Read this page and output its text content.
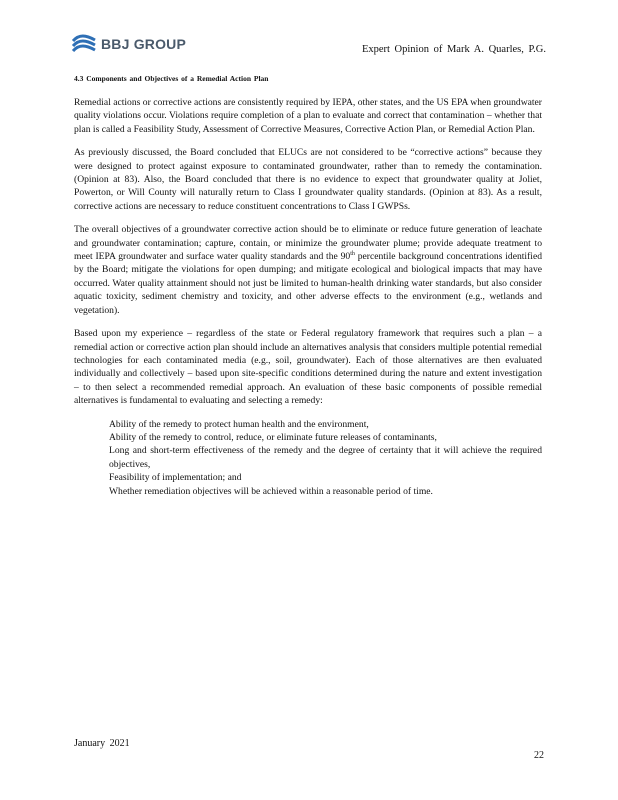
BBJ GROUP	Expert Opinion of Mark A. Quarles, P.G.
4.3 Components and Objectives of a Remedial Action Plan

Remedial actions or corrective actions are consistently required by IEPA, other states, and the US EPA when groundwater quality violations occur. Violations require completion of a plan to evaluate and correct that contamination – whether that plan is called a Feasibility Study, Assessment of Corrective Measures, Corrective Action Plan, or Remedial Action Plan.

As previously discussed, the Board concluded that ELUCs are not considered to be “corrective actions” because they were designed to protect against exposure to contaminated groundwater, rather than to remedy the contamination. (Opinion at 83). Also, the Board concluded that there is no evidence to expect that groundwater quality at Joliet, Powerton, or Will County will naturally return to Class I groundwater quality standards. (Opinion at 83). As a result, corrective actions are necessary to reduce constituent concentrations to Class I GWPSs.

The overall objectives of a groundwater corrective action should be to eliminate or reduce future generation of leachate and groundwater contamination; capture, contain, or minimize the groundwater plume; provide adequate treatment to meet IEPA groundwater and surface water quality standards and the 90th percentile background concentrations identified by the Board; mitigate the violations for open dumping; and mitigate ecological and biological impacts that may have occurred. Water quality attainment should not just be limited to human-health drinking water standards, but also consider aquatic toxicity, sediment chemistry and toxicity, and other adverse effects to the environment (e.g., wetlands and vegetation).

Based upon my experience – regardless of the state or Federal regulatory framework that requires such a plan – a remedial action or corrective action plan should include an alternatives analysis that considers multiple potential remedial technologies for each contaminated media (e.g., soil, groundwater). Each of those alternatives are then evaluated individually and collectively – based upon site-specific conditions determined during the nature and extent investigation – to then select a recommended remedial approach. An evaluation of these basic components of possible remedial alternatives is fundamental to evaluating and selecting a remedy:

Ability of the remedy to protect human health and the environment,
Ability of the remedy to control, reduce, or eliminate future releases of contaminants,
Long and short-term effectiveness of the remedy and the degree of certainty that it will achieve the required objectives,
Feasibility of implementation; and
Whether remediation objectives will be achieved within a reasonable period of time.
January 2021
22
